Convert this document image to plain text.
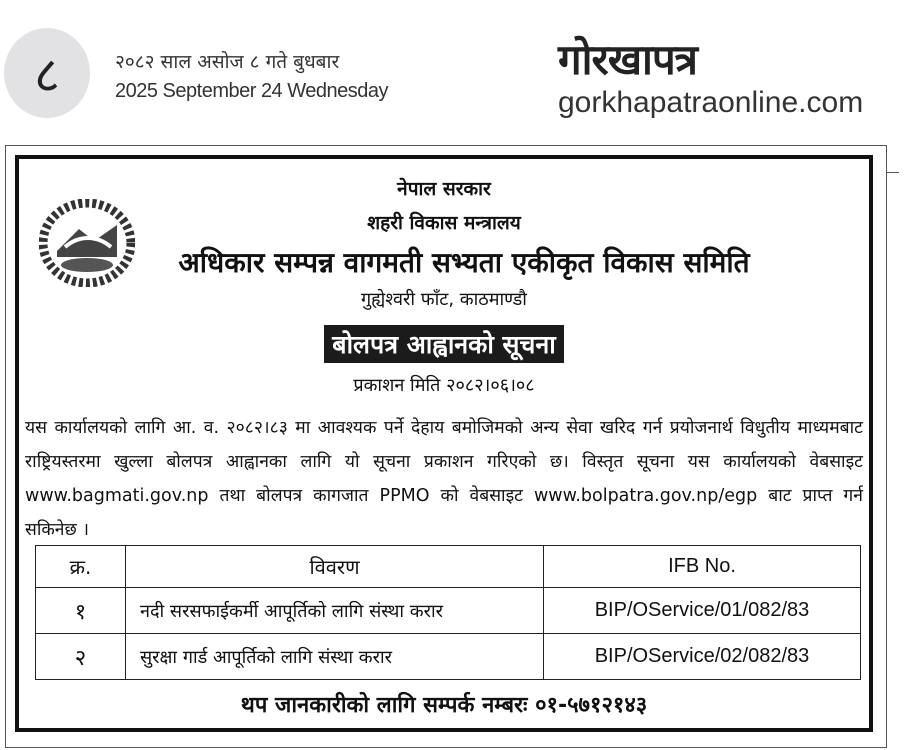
८	२०८२ साल असोज ८ गते बुधबार
2025 September 24 Wednesday
गोरखापत्र
gorkhapatraonline.com
नेपाल सरकार
शहरी विकास मन्त्रालय
अधिकार सम्पन्न वागमती सभ्यता एकीकृत विकास समिति
गुह्येश्वरी फाँट, काठमाण्डौ
बोलपत्र आह्वानको सूचना
प्रकाशन मिति २०८२।०६।०८
यस कार्यालयको लागि आ. व. २०८२।८३ मा आवश्यक पर्ने देहाय बमोजिमको अन्य सेवा खरिद गर्न प्रयोजनार्थ विधुतीय माध्यमबाट राष्ट्रियस्तरमा खुल्ला बोलपत्र आह्वानका लागि यो सूचना प्रकाशन गरिएको छ। विस्तृत सूचना यस कार्यालयको वेबसाइट www.bagmati.gov.np तथा बोलपत्र कागजात PPMO को वेबसाइट www.bolpatra.gov.np/egp बाट प्राप्त गर्न सकिनेछ ।
क्र.	विवरण	IFB No.
१	नदी सरसफाईकर्मी आपूर्तिको लागि संस्था करार	BIP/OService/01/082/83
२	सुरक्षा गार्ड आपूर्तिको लागि संस्था करार	BIP/OService/02/082/83
थप जानकारीको लागि सम्पर्क नम्बरः ०१-५७१२१४३
